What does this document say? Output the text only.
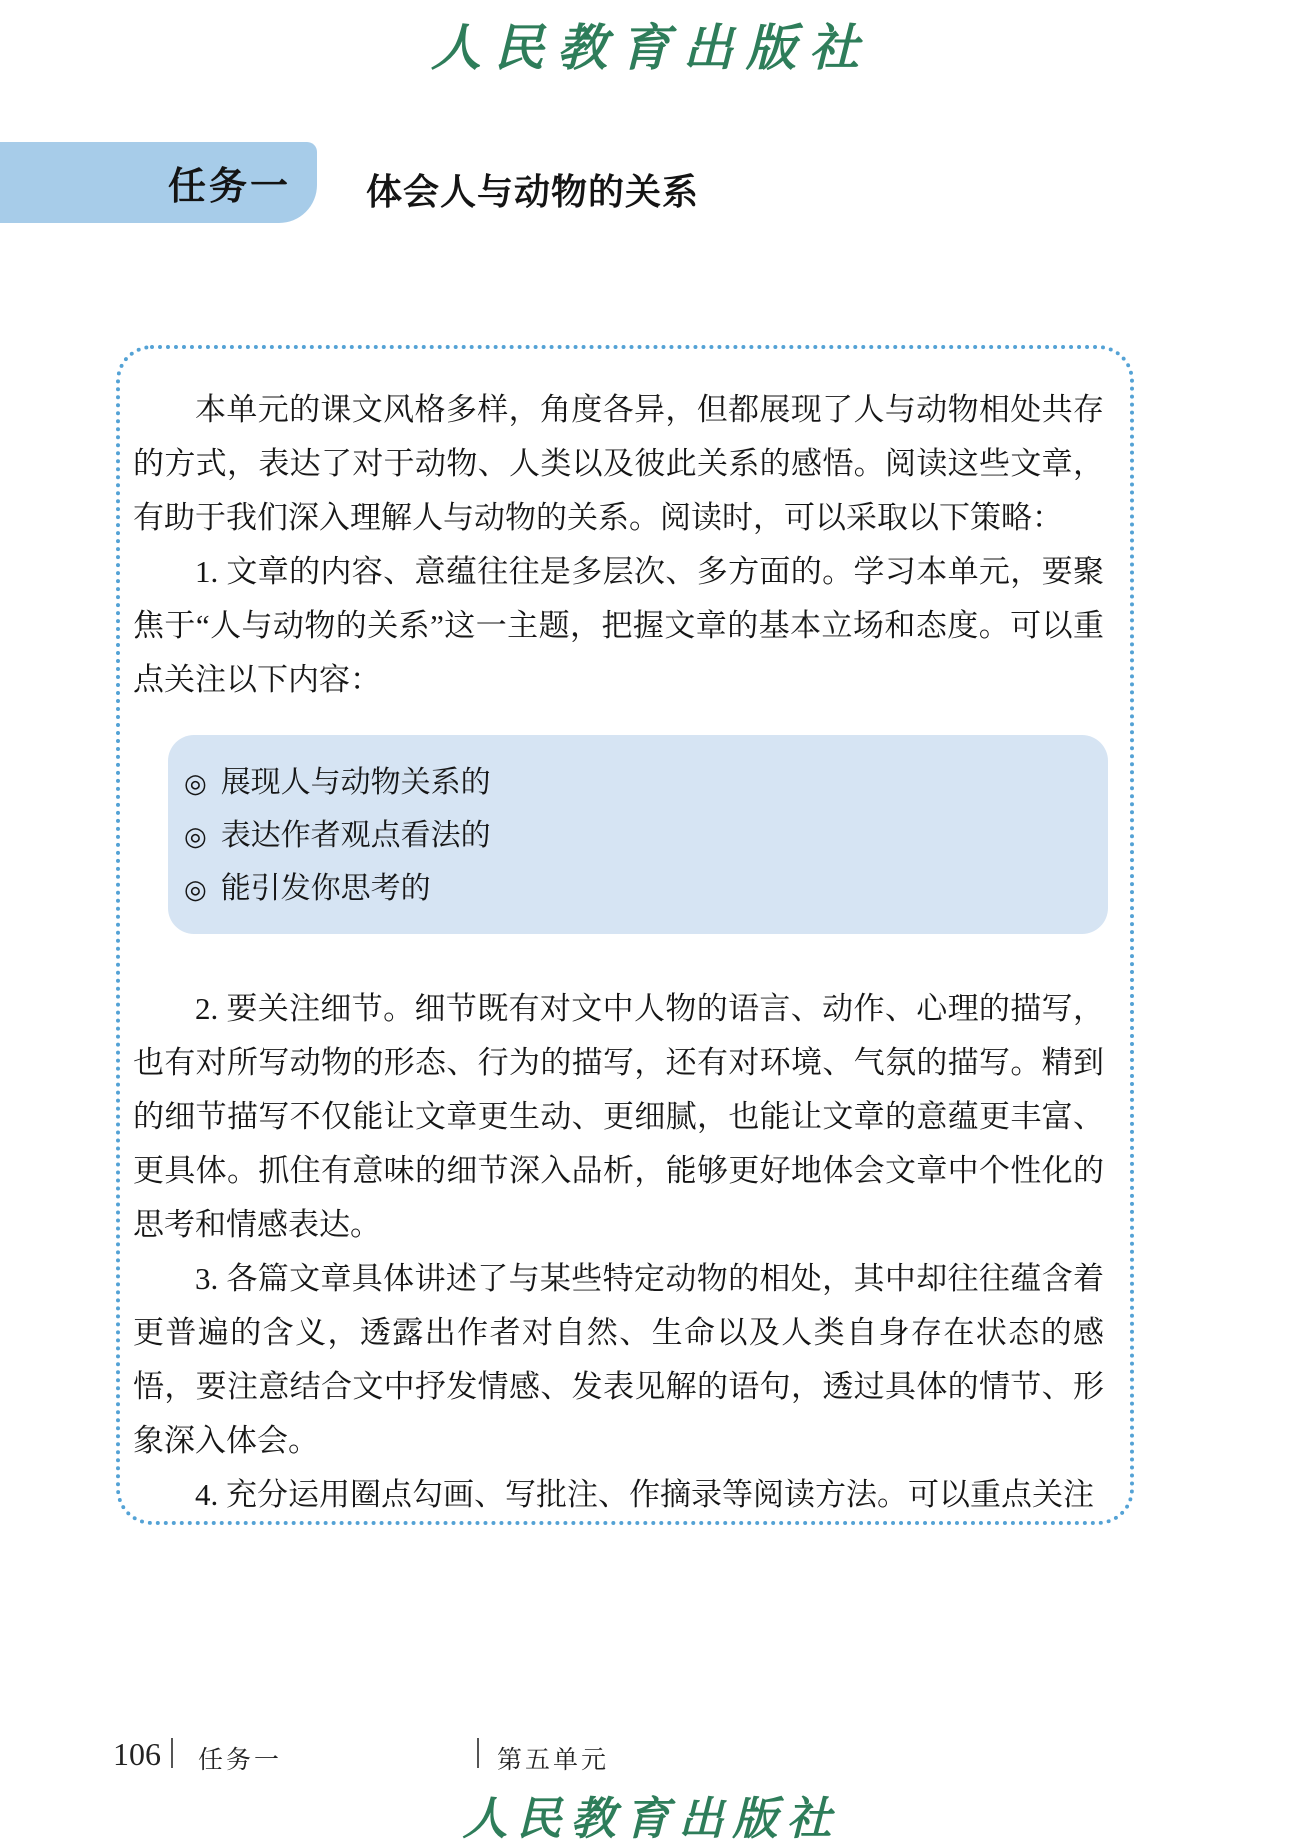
人民教育出版社
任务一 体会人与动物的关系

本单元的课文风格多样，角度各异，但都展现了人与动物相处共存的方式，表达了对于动物、人类以及彼此关系的感悟。阅读这些文章，有助于我们深入理解人与动物的关系。阅读时，可以采取以下策略：

1. 文章的内容、意蕴往往是多层次、多方面的。学习本单元，要聚焦于“人与动物的关系”这一主题，把握文章的基本立场和态度。可以重点关注以下内容：

◎ 展现人与动物关系的
◎ 表达作者观点看法的
◎ 能引发你思考的

2. 要关注细节。细节既有对文中人物的语言、动作、心理的描写，也有对所写动物的形态、行为的描写，还有对环境、气氛的描写。精到的细节描写不仅能让文章更生动、更细腻，也能让文章的意蕴更丰富、更具体。抓住有意味的细节深入品析，能够更好地体会文章中个性化的思考和情感表达。

3. 各篇文章具体讲述了与某些特定动物的相处，其中却往往蕴含着更普遍的含义，透露出作者对自然、生命以及人类自身存在状态的感悟，要注意结合文中抒发情感、发表见解的语句，透过具体的情节、形象深入体会。

4. 充分运用圈点勾画、写批注、作摘录等阅读方法。可以重点关注

106 任务一	第五单元
人民教育出版社
